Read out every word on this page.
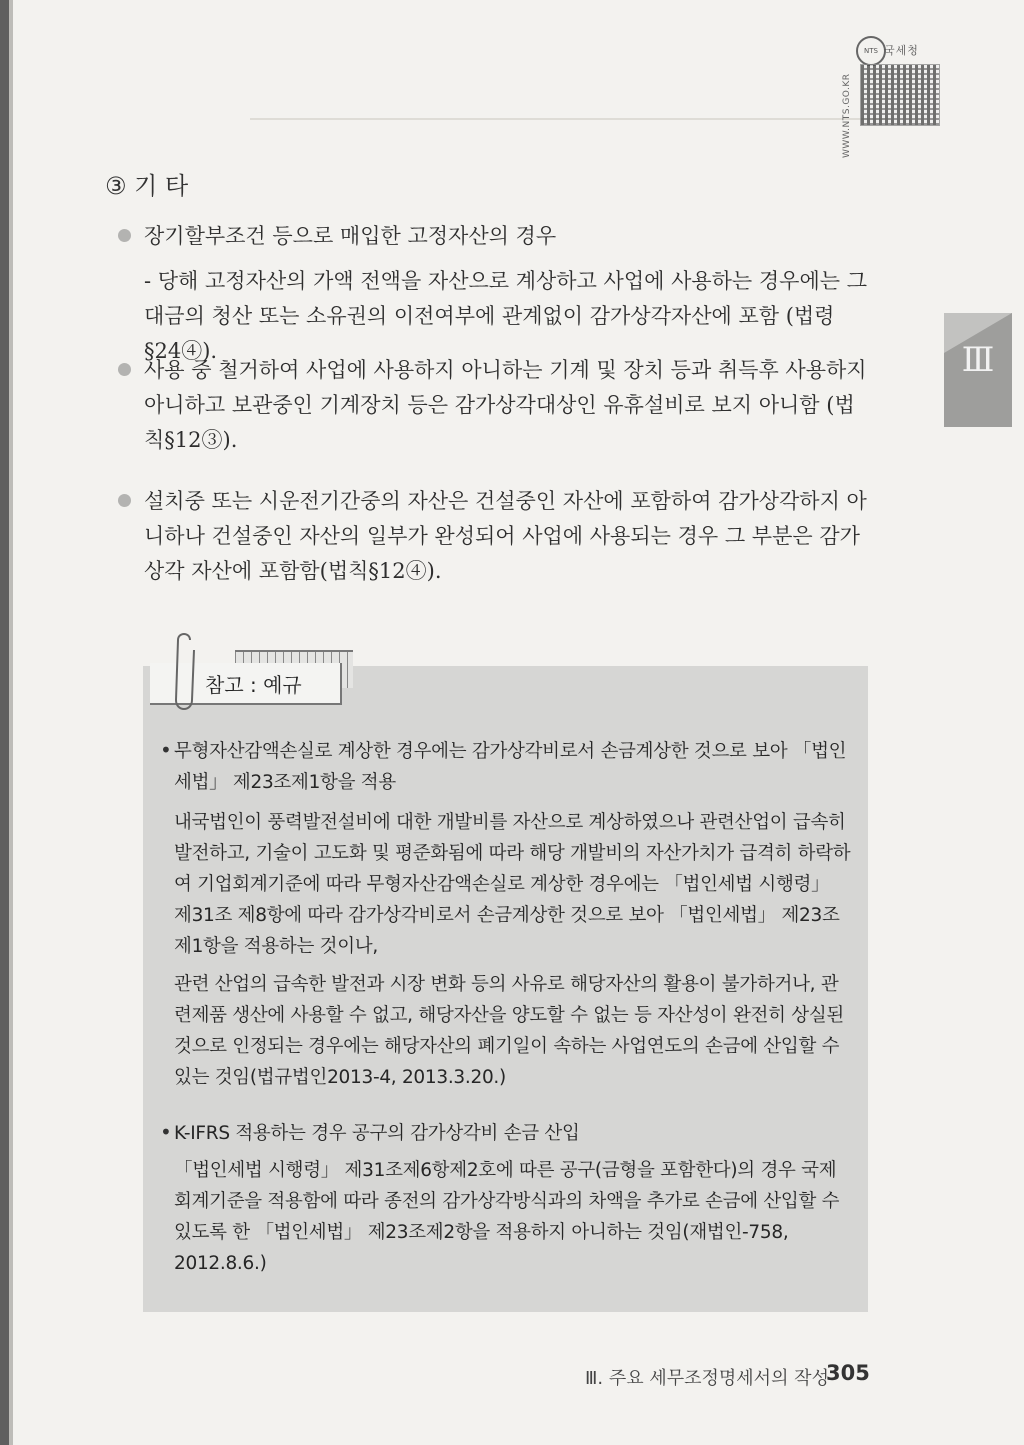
WWW.NTS.GO.KR
NTS 국세청
③ 기 타

장기할부조건 등으로 매입한 고정자산의 경우

- 당해 고정자산의 가액 전액을 자산으로 계상하고 사업에 사용하는 경우에는 그 대금의 청산 또는 소유권의 이전여부에 관계없이 감가상각자산에 포함 (법령§24④).

사용 중 철거하여 사업에 사용하지 아니하는 기계 및 장치 등과 취득후 사용하지 아니하고 보관중인 기계장치 등은 감가상각대상인 유휴설비로 보지 아니함 (법칙§12③).

설치중 또는 시운전기간중의 자산은 건설중인 자산에 포함하여 감가상각하지 아니하나 건설중인 자산의 일부가 완성되어 사업에 사용되는 경우 그 부분은 감가상각 자산에 포함함(법칙§12④).

Ⅲ
참고 : 예규
• 무형자산감액손실로 계상한 경우에는 감가상각비로서 손금계상한 것으로 보아 「법인세법」 제23조제1항을 적용

내국법인이 풍력발전설비에 대한 개발비를 자산으로 계상하였으나 관련산업이 급속히 발전하고, 기술이 고도화 및 평준화됨에 따라 해당 개발비의 자산가치가 급격히 하락하여 기업회계기준에 따라 무형자산감액손실로 계상한 경우에는 「법인세법 시행령」 제31조 제8항에 따라 감가상각비로서 손금계상한 것으로 보아 「법인세법」 제23조 제1항을 적용하는 것이나,

관련 산업의 급속한 발전과 시장 변화 등의 사유로 해당자산의 활용이 불가하거나, 관련제품 생산에 사용할 수 없고, 해당자산을 양도할 수 없는 등 자산성이 완전히 상실된 것으로 인정되는 경우에는 해당자산의 폐기일이 속하는 사업연도의 손금에 산입할 수 있는 것임(법규법인2013-4, 2013.3.20.)

• K-IFRS 적용하는 경우 공구의 감가상각비 손금 산입

「법인세법 시행령」 제31조제6항제2호에 따른 공구(금형을 포함한다)의 경우 국제 회계기준을 적용함에 따라 종전의 감가상각방식과의 차액을 추가로 손금에 산입할 수 있도록 한 「법인세법」 제23조제2항을 적용하지 아니하는 것임(재법인-758, 2012.8.6.)

Ⅲ. 주요 세무조정명세서의 작성
305
